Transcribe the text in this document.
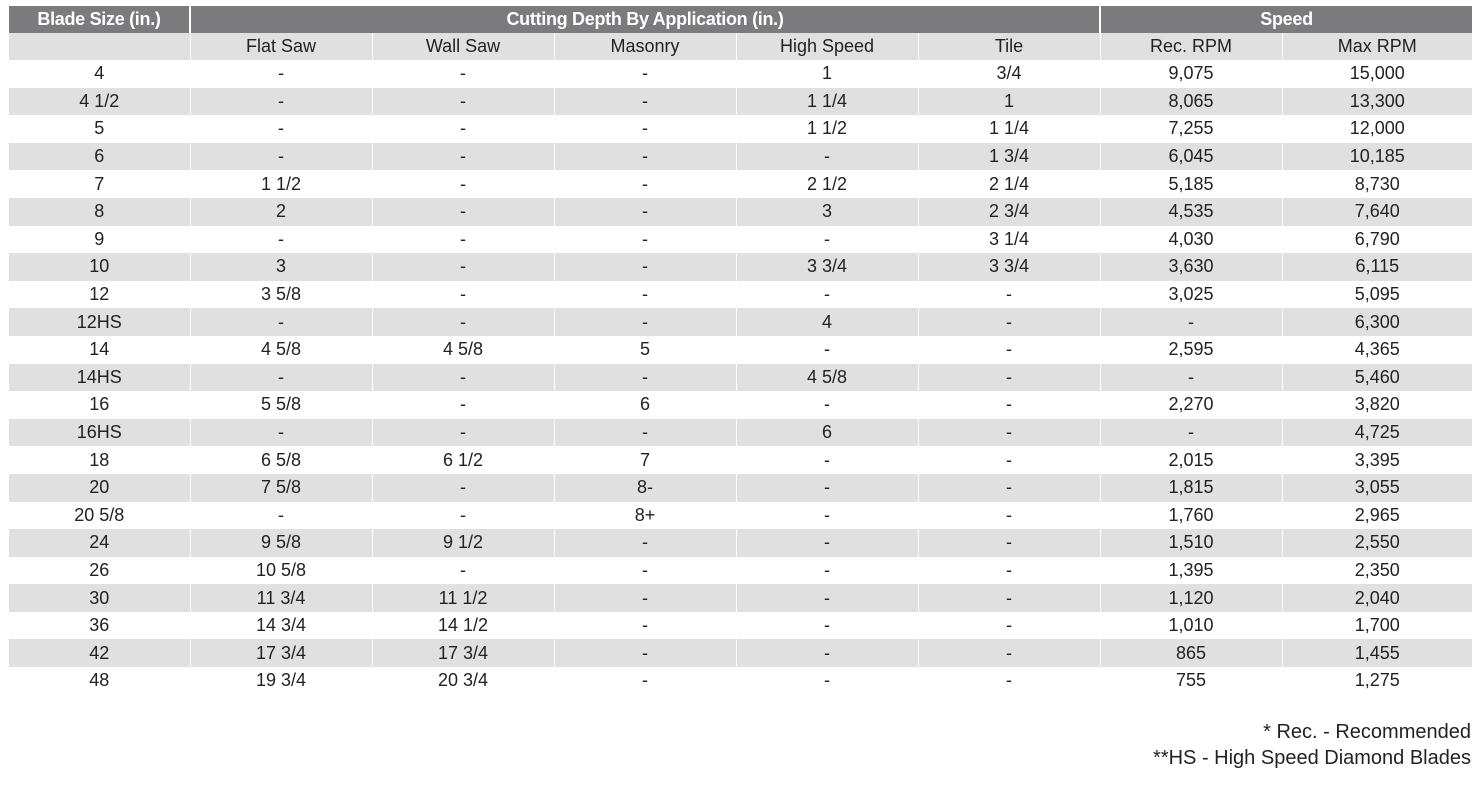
Blade Size (in.)	Cutting Depth By Application (in.)					Speed	
	Flat Saw	Wall Saw	Masonry	High Speed	Tile	Rec. RPM	Max RPM
4	-	-	-	1	3/4	9,075	15,000
4 1/2	-	-	-	1 1/4	1	8,065	13,300
5	-	-	-	1 1/2	1 1/4	7,255	12,000
6	-	-	-	-	1 3/4	6,045	10,185
7	1 1/2	-	-	2 1/2	2 1/4	5,185	8,730
8	2	-	-	3	2 3/4	4,535	7,640
9	-	-	-	-	3 1/4	4,030	6,790
10	3	-	-	3 3/4	3 3/4	3,630	6,115
12	3 5/8	-	-	-	-	3,025	5,095
12HS	-	-	-	4	-	-	6,300
14	4 5/8	4 5/8	5	-	-	2,595	4,365
14HS	-	-	-	4 5/8	-	-	5,460
16	5 5/8	-	6	-	-	2,270	3,820
16HS	-	-	-	6	-	-	4,725
18	6 5/8	6 1/2	7	-	-	2,015	3,395
20	7 5/8	-	8-	-	-	1,815	3,055
20 5/8	-	-	8+	-	-	1,760	2,965
24	9 5/8	9 1/2	-	-	-	1,510	2,550
26	10 5/8	-	-	-	-	1,395	2,350
30	11 3/4	11 1/2	-	-	-	1,120	2,040
36	14 3/4	14 1/2	-	-	-	1,010	1,700
42	17 3/4	17 3/4	-	-	-	865	1,455
48	19 3/4	20 3/4	-	-	-	755	1,275
* Rec. - Recommended
**HS - High Speed Diamond Blades
